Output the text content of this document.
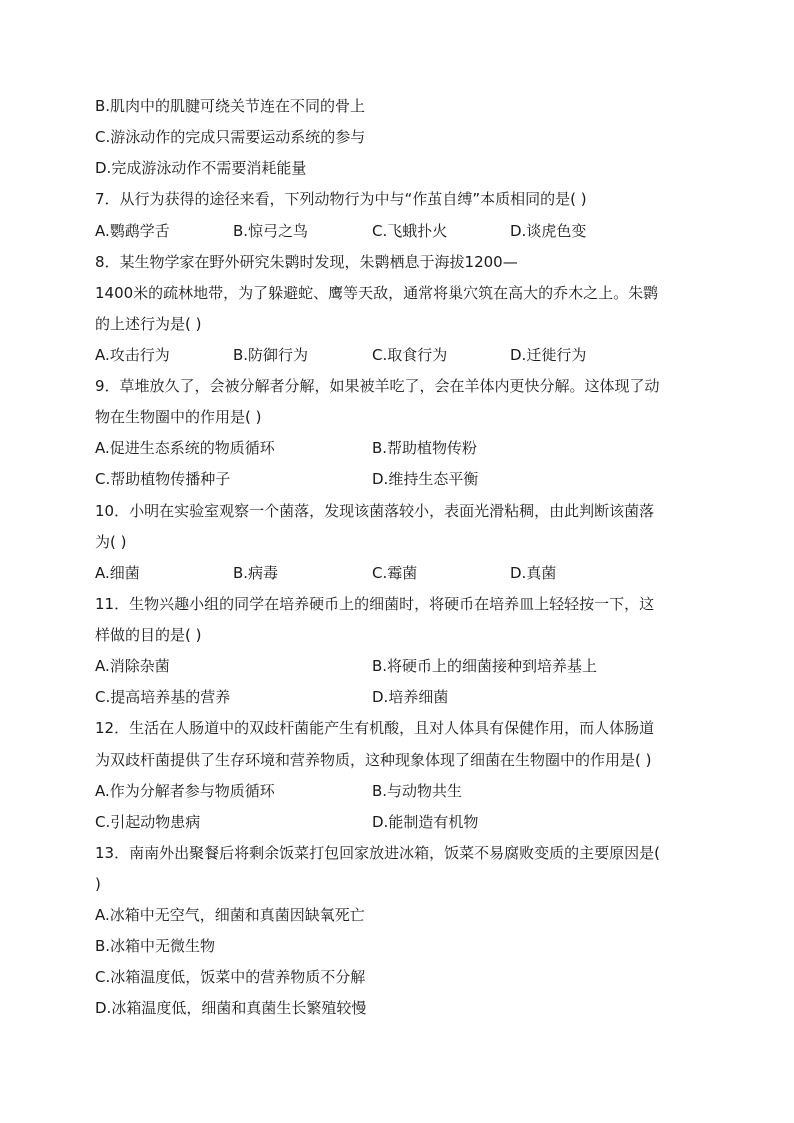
B.肌肉中的肌腱可绕关节连在不同的骨上
C.游泳动作的完成只需要运动系统的参与
D.完成游泳动作不需要消耗能量
7．从行为获得的途径来看，下列动物行为中与“作茧自缚”本质相同的是( )
A.鹦鹉学舌	B.惊弓之鸟	C.飞蛾扑火	D.谈虎色变
8．某生物学家在野外研究朱鹮时发现，朱鹮栖息于海拔1200—
1400米的疏林地带，为了躲避蛇、鹰等天敌，通常将巢穴筑在高大的乔木之上。朱鹮
的上述行为是( )
A.攻击行为	B.防御行为	C.取食行为	D.迁徙行为
9．草堆放久了，会被分解者分解，如果被羊吃了，会在羊体内更快分解。这体现了动
物在生物圈中的作用是( )
A.促进生态系统的物质循环	B.帮助植物传粉
C.帮助植物传播种子	D.维持生态平衡
10．小明在实验室观察一个菌落，发现该菌落较小，表面光滑粘稠，由此判断该菌落
为( )
A.细菌	B.病毒	C.霉菌	D.真菌
11．生物兴趣小组的同学在培养硬币上的细菌时，将硬币在培养皿上轻轻按一下，这
样做的目的是( )
A.消除杂菌	B.将硬币上的细菌接种到培养基上
C.提高培养基的营养	D.培养细菌
12．生活在人肠道中的双歧杆菌能产生有机酸，且对人体具有保健作用，而人体肠道
为双歧杆菌提供了生存环境和营养物质，这种现象体现了细菌在生物圈中的作用是( )
A.作为分解者参与物质循环	B.与动物共生
C.引起动物患病	D.能制造有机物
13．南南外出聚餐后将剩余饭菜打包回家放进冰箱，饭菜不易腐败变质的主要原因是(
)
A.冰箱中无空气，细菌和真菌因缺氧死亡
B.冰箱中无微生物
C.冰箱温度低，饭菜中的营养物质不分解
D.冰箱温度低，细菌和真菌生长繁殖较慢
